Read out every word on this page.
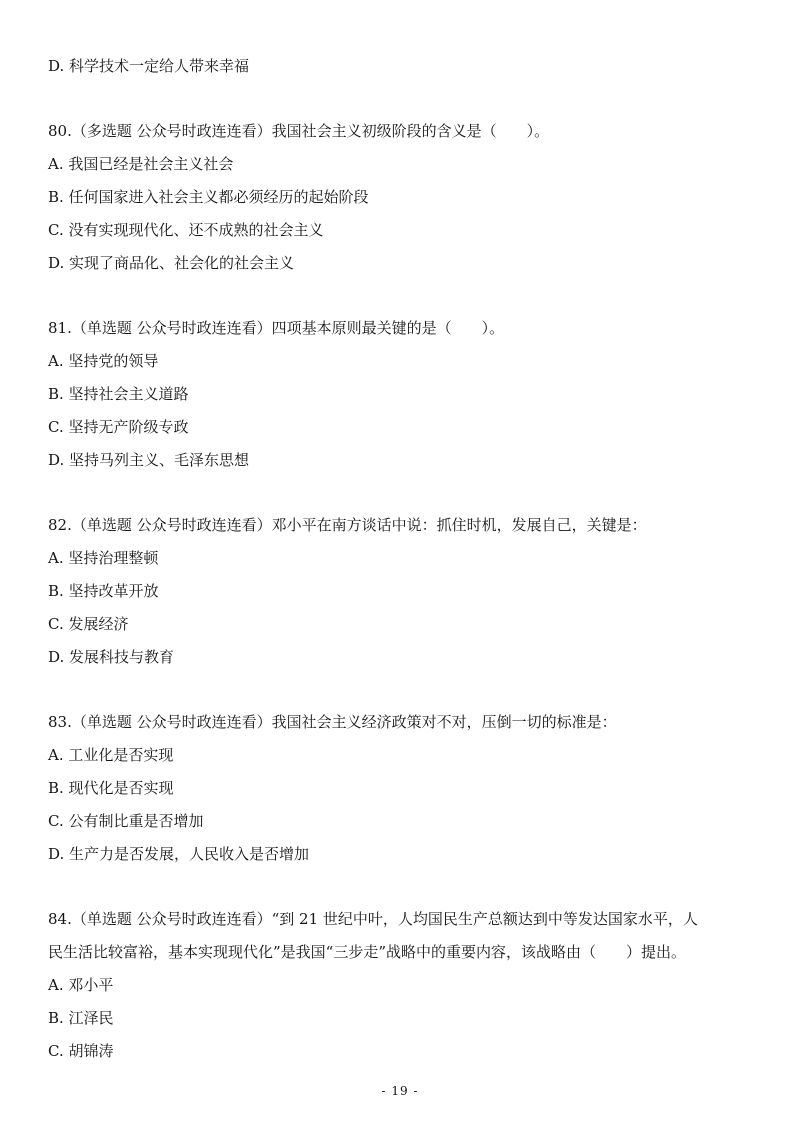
D. 科学技术一定给人带来幸福
80.（多选题 公众号时政连连看）我国社会主义初级阶段的含义是（　　）。
A. 我国已经是社会主义社会
B. 任何国家进入社会主义都必须经历的起始阶段
C. 没有实现现代化、还不成熟的社会主义
D. 实现了商品化、社会化的社会主义
81.（单选题 公众号时政连连看）四项基本原则最关键的是（　　）。
A. 坚持党的领导
B. 坚持社会主义道路
C. 坚持无产阶级专政
D. 坚持马列主义、毛泽东思想
82.（单选题 公众号时政连连看）邓小平在南方谈话中说：抓住时机，发展自己，关键是：
A. 坚持治理整顿
B. 坚持改革开放
C. 发展经济
D. 发展科技与教育
83.（单选题 公众号时政连连看）我国社会主义经济政策对不对，压倒一切的标准是：
A. 工业化是否实现
B. 现代化是否实现
C. 公有制比重是否增加
D. 生产力是否发展，人民收入是否增加
84.（单选题 公众号时政连连看）“到 21 世纪中叶，人均国民生产总额达到中等发达国家水平，人
民生活比较富裕，基本实现现代化”是我国“三步走”战略中的重要内容，该战略由（　　）提出。
A. 邓小平
B. 江泽民
C. 胡锦涛
- 19 -
